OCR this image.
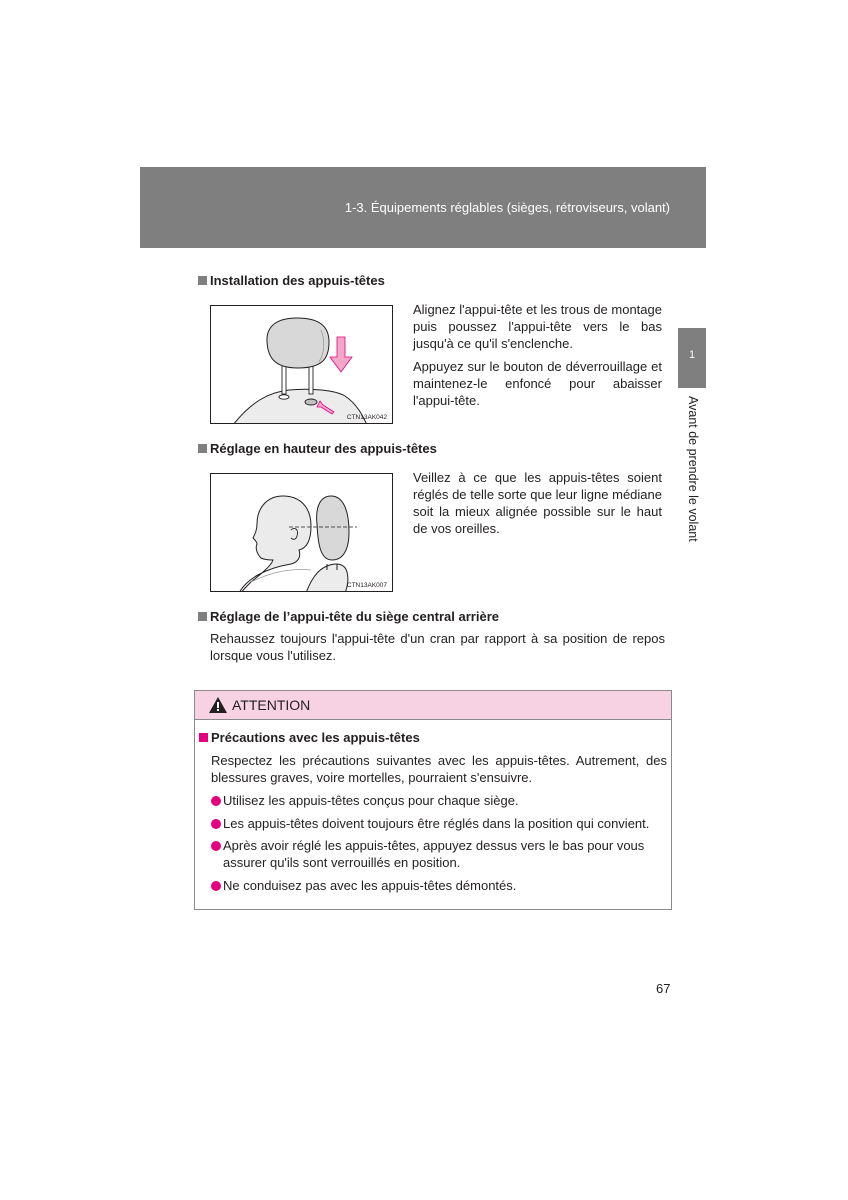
1-3. Équipements réglables (sièges, rétroviseurs, volant)
1
Avant de prendre le volant
Installation des appuis-têtes
CTN13AK042

Alignez l'appui-tête et les trous de montage puis poussez l'appui-tête vers le bas jusqu'à ce qu'il s'enclenche.

Appuyez sur le bouton de déverrouillage et maintenez-le enfoncé pour abaisser l'appui-tête.

Réglage en hauteur des appuis-têtes
CTN13AK007

Veillez à ce que les appuis-têtes soient réglés de telle sorte que leur ligne médiane soit la mieux alignée possible sur le haut de vos oreilles.

Réglage de l’appui-tête du siège central arrière

Rehaussez toujours l'appui-tête d'un cran par rapport à sa position de repos lorsque vous l'utilisez.

ATTENTION
Précautions avec les appuis-têtes

Respectez les précautions suivantes avec les appuis-têtes. Autrement, des blessures graves, voire mortelles, pourraient s'ensuivre.

Utilisez les appuis-têtes conçus pour chaque siège.
Les appuis-têtes doivent toujours être réglés dans la position qui convient.
Après avoir réglé les appuis-têtes, appuyez dessus vers le bas pour vous assurer qu'ils sont verrouillés en position.
Ne conduisez pas avec les appuis-têtes démontés.
67
